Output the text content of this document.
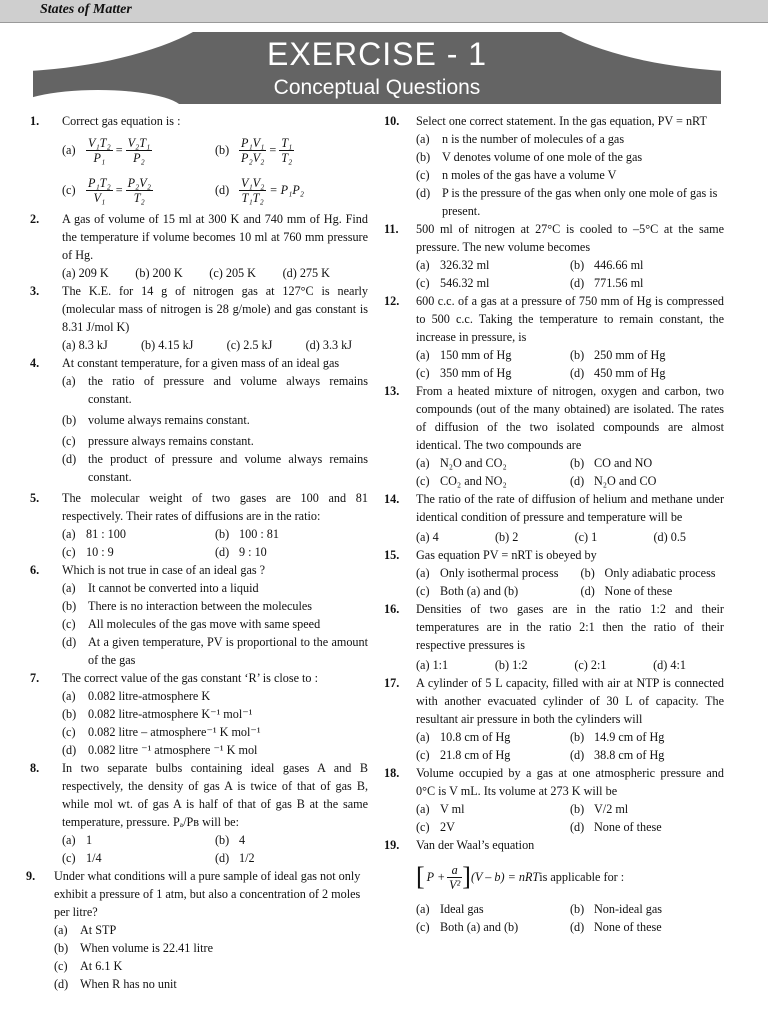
States of Matter
EXERCISE - 1
Conceptual Questions
1. Correct gas equation is :
$(a) \frac{\text{V₁T₂}}{\text{P₁}} = \frac{\text{V₂T₁}}{\text{P₂}}$	$(b) \frac{\text{P₁V₁}}{\text{P₂V₂}} = \frac{\text{T₁}}{\text{T₂}}$
$(c) \frac{\text{P₁T₂}}{\text{V₁}} = \frac{\text{P₂V₂}}{\text{T₂}}$	$(d) \frac{\text{V₁V₂}}{\text{T₁T₂}} = P_1P_2$
2. A gas of volume of 15 ml at 300 K and 740 mm of Hg. Find the temperature if volume becomes 10 ml at 760 mm pressure of Hg.
(a) 209 K (b) 200 K (c) 205 K (d) 275 K
3. The K.E. for 14 g of nitrogen gas at 127°C is nearly (molecular mass of nitrogen is 28 g/mole) and gas constant is 8.31 J/mol K)
(a) 8.3 kJ	(b) 4.15 kJ	(c) 2.5 kJ	(d) 3.3 kJ
4. At constant temperature, for a given mass of an ideal gas
(a) the ratio of pressure and volume always remains constant.
(b) volume always remains constant.
(c) pressure always remains constant.
(d) the product of pressure and volume always remains constant.
5. The molecular weight of two gases are 100 and 81 respectively. Their rates of diffusions are in the ratio:
(a) 81 : 100	(b) 100 : 81
(c) 10 : 9	(d) 9 : 10
6. Which is not true in case of an ideal gas ?
(a) It cannot be converted into a liquid
(b) There is no interaction between the molecules
(c) All molecules of the gas move with same speed
(d) At a given temperature, PV is proportional to the amount of the gas
7. The correct value of the gas constant ‘R’ is close to :
(a) 0.082 litre-atmosphere K
(b) 0.082 litre-atmosphere K⁻¹ mol⁻¹
(c) 0.082 litre – atmosphere⁻¹ K mol⁻¹
(d) 0.082 litre ⁻¹ atmosphere ⁻¹ K mol
8. In two separate bulbs containing ideal gases A and B respectively, the density of gas A is twice of that of gas B, while mol wt. of gas A is half of that of gas B at the same temperature, pressure. Pₐ/Pʙ will be:
(a) 1	(b) 4
(c) 1/4	(d) 1/2
9. Under what conditions will a pure sample of ideal gas not only exhibit a pressure of 1 atm, but also a concentration of 2 moles per litre?
(a) At STP
(b) When volume is 22.41 litre
(c) At 6.1 K
(d) When R has no unit
10. Select one correct statement. In the gas equation, PV = nRT
(a) n is the number of molecules of a gas
(b) V denotes volume of one mole of the gas
(c) n moles of the gas have a volume V
(d) P is the pressure of the gas when only one mole of gas is present.
11. 500 ml of nitrogen at 27°C is cooled to –5°C at the same pressure. The new volume becomes
(a) 326.32 ml	(b) 446.66 ml
(c) 546.32 ml	(d) 771.56 ml
12. 600 c.c. of a gas at a pressure of 750 mm of Hg is compressed to 500 c.c. Taking the temperature to remain constant, the increase in pressure, is
(a) 150 mm of Hg	(b) 250 mm of Hg
(c) 350 mm of Hg	(d) 450 mm of Hg
13. From a heated mixture of nitrogen, oxygen and carbon, two compounds (out of the many obtained) are isolated. The rates of diffusion of the two isolated compounds are almost identical. The two compounds are
(a) N₂O and CO₂	(b) CO and NO
(c) CO₂ and NO₂	(d) N₂O and CO
14. The ratio of the rate of diffusion of helium and methane under identical condition of pressure and temperature will be
(a) 4	(b) 2	(c) 1	(d) 0.5
15. Gas equation PV = nRT is obeyed by
(a) Only isothermal process	(b) Only adiabatic process
(c) Both (a) and (b)	(d) None of these
16. Densities of two gases are in the ratio 1:2 and their temperatures are in the ratio 2:1 then the ratio of their respective pressures is
(a) 1:1	(b) 1:2	(c) 2:1	(d) 4:1
17. A cylinder of 5 L capacity, filled with air at NTP is connected with another evacuated cylinder of 30 L of capacity. The resultant air pressure in both the cylinders will
(a) 10.8 cm of Hg	(b) 14.9 cm of Hg
(c) 21.8 cm of Hg	(d) 38.8 cm of Hg
18. Volume occupied by a gas at one atmospheric pressure and 0°C is V mL. Its volume at 273 K will be
(a) V ml	(b) V/2 ml
(c) 2V	(d) None of these
19. Van der Waal’s equation
[ $P + \frac{a}{\text{V²}}$ ] (V – b) = nRT is applicable for :
(a) Ideal gas	(b) Non-ideal gas
(c) Both (a) and (b)	(d) None of these
